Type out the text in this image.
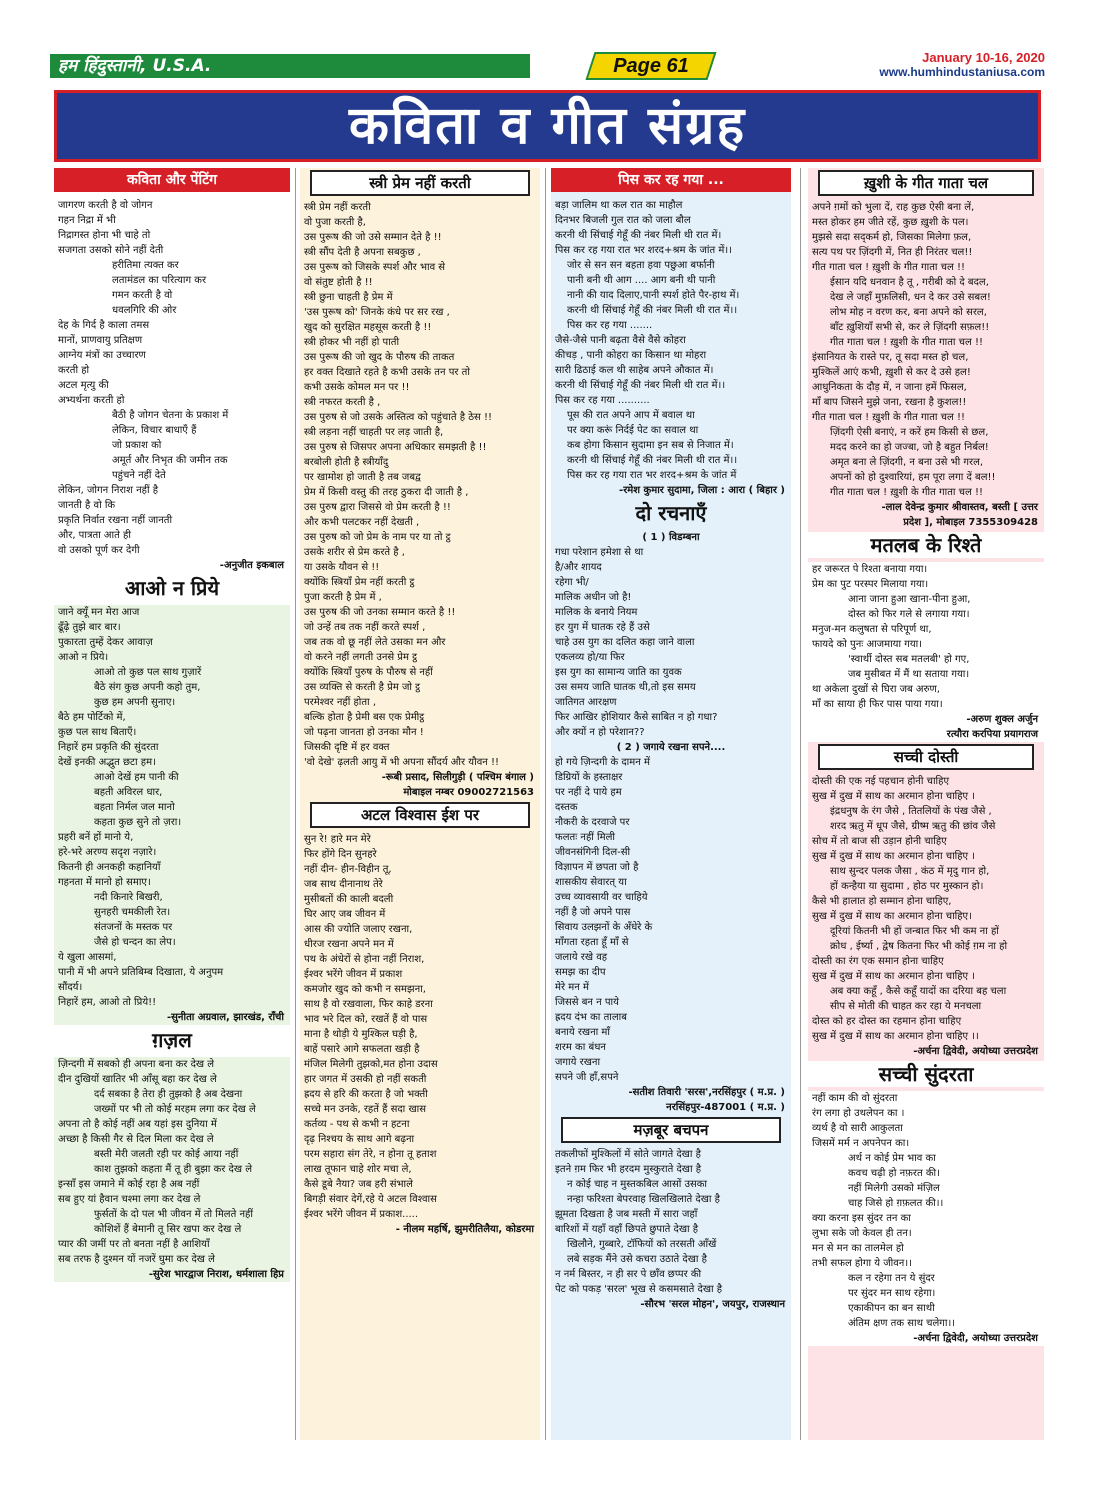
हम हिंदुस्तानी, U.S.A.	Page 61	January 10-16, 2020
www.humhindustaniusa.com
कविता व गीत संग्रह
कविता और पेंटिंग
जागरण करती है वो जोगन
गहन निद्रा में भी
निद्रागस्त होना भी चाहे तो
सजगता उसको सोने नहीं देती
हरीतिमा त्यक्त कर
लतामंडल का परित्याग कर
गमन करती है वो
धवलगिरि की ओर
देह के गिर्द है काला तमस
मानों, प्राणवायु प्रतिक्षण
आग्नेय मंत्रों का उच्चारण
करती हो
अटल मृत्यु की
अभ्यर्थना करती हो
बैठी है जोगन चेतना के प्रकाश में
लेकिन, विचार बाधाएँ हैं
जो प्रकाश को
अमूर्त और निभृत की जमीन तक
पहुंचने नहीं देते
लेकिन, जोगन निराश नहीं है
जानती है वो कि
प्रकृति निर्वात रखना नहीं जानती
और, पात्रता आते ही
वो उसको पूर्ण कर देगी
-अनुजीत इकबाल
आओ न प्रिये
जाने क्यूँ मन मेरा आज
ढूँढ़े तुझे बार बार।
पुकारता तुम्हें देकर आवाज़
आओ न प्रिये।
आओ तो कुछ पल साथ गुज़ारें
बैठे संग कुछ अपनी कहो तुम,
कुछ हम अपनी सुनाए।
बैठे हम पोर्टिको में,
कुछ पल साथ बिताएँ।
निहारें हम प्रकृति की सुंदरता
देखें इनकी अद्भुत छटा हम।
आओ देखें हम पानी की
बहती अविरल धार,
बहता निर्मल जल मानो
कहता कुछ सुने तो ज़रा।
प्रहरी बनें हों मानो ये,
हरे-भरे अरण्य सदृश नज़ारे।
कितनी ही अनकही कहानियाँ
गहनता में मानो हो समाए।
नदी किनारे बिखरी,
सुनहरी चमकीली रेत।
संतजनों के मस्तक पर
जैसे हो चन्दन का लेप।
ये खुला आसमां,
पानी में भी अपने प्रतिबिम्ब दिखाता, ये अनुपम
सौंदर्य।
निहारें हम, आओ तो प्रिये!!
-सुनीता अग्रवाल, झारखंड, राँची
ग़ज़ल
ज़िन्दगी में सबको ही अपना बना कर देख ले
दीन दुखियों खातिर भी आँसू बहा कर देख ले
दर्द सबका है तेरा ही तुझको है अब देखना
जख्मों पर भी तो कोई मरहम लगा कर देख ले
अपना तो है कोई नहीं अब यहां इस दुनिया में
अच्छा है किसी गैर से दिल मिला कर देख ले
बस्ती मेरी जलती रही पर कोई आया नहीं
काश तुझको कहता मैं तू ही बुझा कर देख ले
इन्साँ इस जमाने में कोई रहा है अब नहीं
सब हुए यां हैवान चश्मा लगा कर देख ले
फुर्सतों के दो पल भी जीवन में तो मिलते नहीं
कोशिशें हैं बेमानी तू सिर खपा कर देख ले
प्यार की जमीं पर तो बनता नहीं है आशियाँ
सब तरफ है दुश्मन यों नजरें घुमा कर देख ले
-सुरेश भारद्वाज निराश, धर्मशाला हिप्र
स्त्री प्रेम नहीं करती
स्त्री प्रेम नहीं करती
वो पुजा करती है,
उस पुरूष की जो उसे सम्मान देते है !!
स्त्री सौंप देती है अपना सबकुछ ,
उस पुरूष को जिसके स्पर्श और भाव से
वो संतुष्ट होती है !!
स्त्री छुना चाहती है प्रेम में
'उस पुरूष को' जिनके कंधे पर सर रख ,
खुद को सुरक्षित महसूस करती है !!
स्त्री होकर भी नहीं हो पाती
उस पुरूष की जो खुद के पौरुष की ताकत
हर वक्त दिखाते रहते है कभी उसके तन पर तो
कभी उसके कोमल मन पर !!
स्त्री नफरत करती है ,
उस पुरुष से जो उसके अस्तित्व को पहुंचाते है ठेस !!
स्त्री लड़ना नहीं चाहती पर लड़ जाती है,
उस पुरुष से जिसपर अपना अधिकार समझती है !!
बरबोली होती है स्त्रीयाँदु
पर खामोश हो जाती है तब जबद्व
प्रेम में किसी वस्तु की तरह ठुकरा दी जाती है ,
उस पुरुष द्वारा जिससे वो प्रेम करती है !!
और कभी पलटकर नहीं देखती ,
उस पुरुष को जो प्रेम के नाम पर या तो ट्ठ
उसके शरीर से प्रेम करते है ,
या उसके यौवन से !!
क्योंकि स्त्रियाँ प्रेम नहीं करती ट्ठ
पुजा करती है प्रेम में ,
उस पुरुष की जो उनका सम्मान करते है !!
जो उन्हें तब तक नहीं करते स्पर्श ,
जब तक वो छू नहीं लेते उसका मन और
वो करने नहीं लगती उनसे प्रेम ट्ठ
क्योंकि स्त्रियाँ पुरुष के पौरुष से नहीं
उस व्यक्ति से करती है प्रेम जो ट्ठ
परमेश्वर नहीं होता ,
बल्कि होता है प्रेमी बस एक प्रेमीट्ठ
जो पढ़ना जानता हो उनका मौन !
जिसकी दृष्टि में हर वक्त
'वो देखे' ढ़लती आयु में भी अपना सौंदर्य और यौवन !!
-रूबी प्रसाद, सिलीगुड़ी ( पश्चिम बंगाल )
मोबाइल नम्बर 09002721563
अटल विश्वास ईश पर
सुन रे! हारे मन मेरे
फिर होंगे दिन सुनहरे
नहीं दीन- हीन-विहीन तू,
जब साथ दीनानाथ तेरे
मुसीबतों की काली बदली
घिर आए जब जीवन में
आस की ज्योति जलाए रखना,
धीरज रखना अपने मन में
पथ के अंधेरों से होना नहीं निराश,
ईश्वर भरेंगे जीवन में प्रकाश
कमजोर खुद को कभी न समझना,
साथ है वो रखवाला, फिर काहे डरना
भाव भरे दिल को, रखतें हैं वो पास
माना है थोड़ी ये मुश्किल घड़ी है,
बाहें पसारे आगे सफलता खड़ी है
मंजिल मिलेगी तुझको,मत होना उदास
हार जगत में उसकी हो नहीं सकती
ह्रदय से हरि की करता है जो भक्ती
सच्चे मन उनके, रहतें हैं सदा खास
कर्तव्य - पथ से कभी न हटना
दृढ़ निश्चय के साथ आगे बढ़ना
परम सहारा संग तेरे, न होना तू हताश
लाख तूफान चाहे शोर मचा ले,
कैसे डूबे नैया? जब हरी संभाले
बिगड़ी संवार देगें,रहे ये अटल विश्वास
ईश्वर भरेंगे जीवन में प्रकाश.....
- नीलम महर्षि, झुमरीतिलैया, कोडरमा
पिस कर रह गया ...
बड़ा जालिम था कल रात का माहौल
दिनभर बिजली गुल रात को जला बौल
करनी थी सिंचाई गेहूँ की नंबर मिली थी रात में।
पिस कर रह गया रात भर शरद+श्रम के जांत में।।
जोर से सन सन बहता हवा पछुआ बर्फानी
पानी बनी थी आग .... आग बनी थी पानी
नानी की याद दिलाए,पानी स्पर्श होते पैर-हाथ में।
करनी थी सिंचाई गेहूँ की नंबर मिली थी रात में।।
पिस कर रह गया .......
जैसे-जैसे पानी बढ़ता वैसे वैसे कोहरा
कीचड़ , पानी कोहरा का किसान था मोहरा
सारी ढिठाई कल थी साहेब अपने औकात में।
करनी थी सिंचाई गेहूँ की नंबर मिली थी रात में।।
पिस कर रह गया ..........
पूस की रात अपने आप में बवाल था
पर क्या करूं निर्दई पेट का सवाल था
कब होगा किसान सुदामा इन सब से निजात में।
करनी थी सिंचाई गेहूँ की नंबर मिली थी रात में।।
पिस कर रह गया रात भर शरद+श्रम के जांत में
-रमेश कुमार सुदामा, जिला : आरा ( बिहार )
दो रचनाएँ
( 1 ) विडम्बना
गधा परेशान हमेशा से था
है/और शायद
रहेगा भी/
मालिक अधीन जो है!
मालिक के बनाये नियम
हर युग में घातक रहे हैं उसे
चाहे उस युग का दलित कहा जाने वाला
एकलव्य हो/या फिर
इस युग का सामान्य जाति का युवक
उस समय जाति घातक थी,तो इस समय
जातिगत आरक्षण
फिर आखिर होशियार कैसे साबित न हो गधा?
और क्यों न हो परेशान??
( 2 ) जगाये रखना सपने....
हो गये ज़िन्दगी के दामन में
डिग्रियों के हस्ताक्षर
पर नहीं दे पाये हम
दस्तक
नौकरी के दरवाजे पर
फलतः नहीं मिली
जीवनसंगिनी दिल-सी
विज्ञापन में छपता जो है
शासकीय सेवारत् या
उच्च व्यावसायी वर चाहिये
नहीं है जो अपने पास
सिवाय उलझनों के अँधेरे के
माँगता रहता हूँ माँ से
जलाये रखे वह
समझ का दीप
मेरे मन में
जिससे बन न पाये
ह्रदय दंभ का तालाब
बनाये रखना माँ
शरम का बंधन
जगाये रखना
सपने जी हाँ,सपने
-सतीश तिवारी 'सरस',नरसिंहपुर ( म.प्र. )
नरसिंहपुर-487001 ( म.प्र. )
मज़बूर बचपन
तकलीफों मुश्किलों में सोते जागते देखा है
इतने ग़म फिर भी हरदम मुस्कुराते देखा है
न कोई चाह न मुस्तकबिल आसों उसका
नन्हा फरिश्ता बेपरवाह खिलखिलाते देखा है
झूमता दिखता है जब मस्ती में सारा जहाँ
बारिशों में यहाँ वहाँ छिपते छुपाते देखा है
खिलौने, गुब्बारे, टॉफियों को तरसती आँखें
लबे सड़क मैंने उसे कचरा उठाते देखा है
न नर्म बिस्तर, न ही सर पे छाँव छप्पर की
पेट को पकड़ 'सरल' भूख से कसमसाते देखा है
-सौरभ 'सरल मोहन', जयपुर, राजस्थान
ख़ुशी के गीत गाता चल
अपने ग़मों को भुला दें, राह कुछ ऐसी बना लें,
मस्त होकर हम जीते रहें, कुछ ख़ुशी के पल।
मुझसे सदा सद्कर्म हो, जिसका मिलेगा फ़ल,
सत्य पथ पर ज़िंदगी में, नित ही निरंतर चल!!
गीत गाता चल ! ख़ुशी के गीत गाता चल !!
ईसान यदि धनवान है तू , गरीबी को दे बदल,
देख ले जहाँ मुफ़लिसी, धन दे कर उसे सबल!
लोभ मोह न वरण कर, बना अपने को सरल,
बाँट ख़ुशियाँ सभी से, कर ले ज़िंदगी सफ़ल!!
गीत गाता चल ! ख़ुशी के गीत गाता चल !!
इंसानियत के रास्ते पर, तू सदा मस्त हो चल,
मुश्किलें आएं कभी, ख़ुशी से कर दे उसे हल!
आधुनिकता के दौड़ में, न जाना हमें फिसल,
माँ बाप जिसने मुझे जना, रखना है कुशल!!
गीत गाता चल ! ख़ुशी के गीत गाता चल !!
ज़िंदगी ऐसी बनाएं, न करें हम किसी से छल,
मदद करने का हो जज्बा, जो है बहुत निर्बल!
अमृत बना ले ज़िंदगी, न बना उसे भी गरल,
अपनों को हो दुश्वारियां, हम पूरा लगा दें बल!!
गीत गाता चल ! ख़ुशी के गीत गाता चल !!
-लाल देवेन्द्र कुमार श्रीवास्तव, बस्ती [ उत्तर
प्रदेश ], मोबाइल 7355309428
मतलब के रिश्ते
हर जरूरत पे रिश्ता बनाया गया।
प्रेम का पुट परस्पर मिलाया गया।
आना जाना हुआ खाना-पीना हुआ,
दोस्त को फिर गले से लगाया गया।
मनुज-मन कलुषता से परिपूर्ण था,
फायदे को पुनः आजमाया गया।
'स्वार्थी दोस्त सब मतलबी' हो गए,
जब मुसीबत में मैं था सताया गया।
था अकेला दुखों से घिरा जब अरुण,
माँ का साया ही फिर पास पाया गया।
-अरुण शुक्ल अर्जुन
रत्यौरा करपिया प्रयागराज
सच्ची दोस्ती
दोस्ती की एक नई पहचान होनी चाहिए
सुख में दुख में साथ का अरमान होना चाहिए ।
इंद्रधनुष के रंग जैसे , तितलियों के पंख जैसे ,
शरद ऋतु में धूप जैसे, ग्रीष्म ऋतु की छांव जैसे
सोच में तो बाज सी उड़ान होनी चाहिए
सुख में दुख में साथ का अरमान होना चाहिए ।
साथ सुन्दर पलक जैसा , कंठ में मृदु गान हो,
हों कन्हैया या सुदामा , होठ पर मुस्कान हो।
कैसे भी हालात हो सम्मान होना चाहिए,
सुख में दुख में साथ का अरमान होना चाहिए।
दूरियां कितनी भी हों जन्बात फिर भी कम ना हों
क्रोध , ईर्ष्या , द्वेष कितना फिर भी कोई ग़म ना हो
दोस्ती का रंग एक समान होना चाहिए
सुख में दुख में साथ का अरमान होना चाहिए ।
अब क्या कहूँ , कैसे कहूँ यादों का दरिया बह चला
सीप से मोती की चाहत कर रहा ये मनचला
दोस्त को हर दोस्त का रहमान होना चाहिए
सुख में दुख में साथ का अरमान होना चाहिए ।।
-अर्चना द्विवेदी, अयोध्या उत्तरप्रदेश
सच्ची सुंदरता
नहीं काम की वो सुंदरता
रंग लगा हो उथलेपन का ।
व्यर्थ है वो सारी आकुलता
जिसमें मर्म न अपनेपन का।
अर्थ न कोई प्रेम भाव का
कवच चढ़ी हो नफ़रत की।
नहीं मिलेगी उसको मंज़िल
चाह जिसे हो ग़फ़लत की।।
क्या करना इस सुंदर तन का
लुभा सके जो केवल ही तन।
मन से मन का तालमेल हो
तभी सफल होगा ये जीवन।।
कल न रहेगा तन ये सुंदर
पर सुंदर मन साथ रहेगा।
एकाकीपन का बन साथी
अंतिम क्षण तक साथ चलेगा।।
-अर्चना द्विवेदी, अयोध्या उत्तरप्रदेश
